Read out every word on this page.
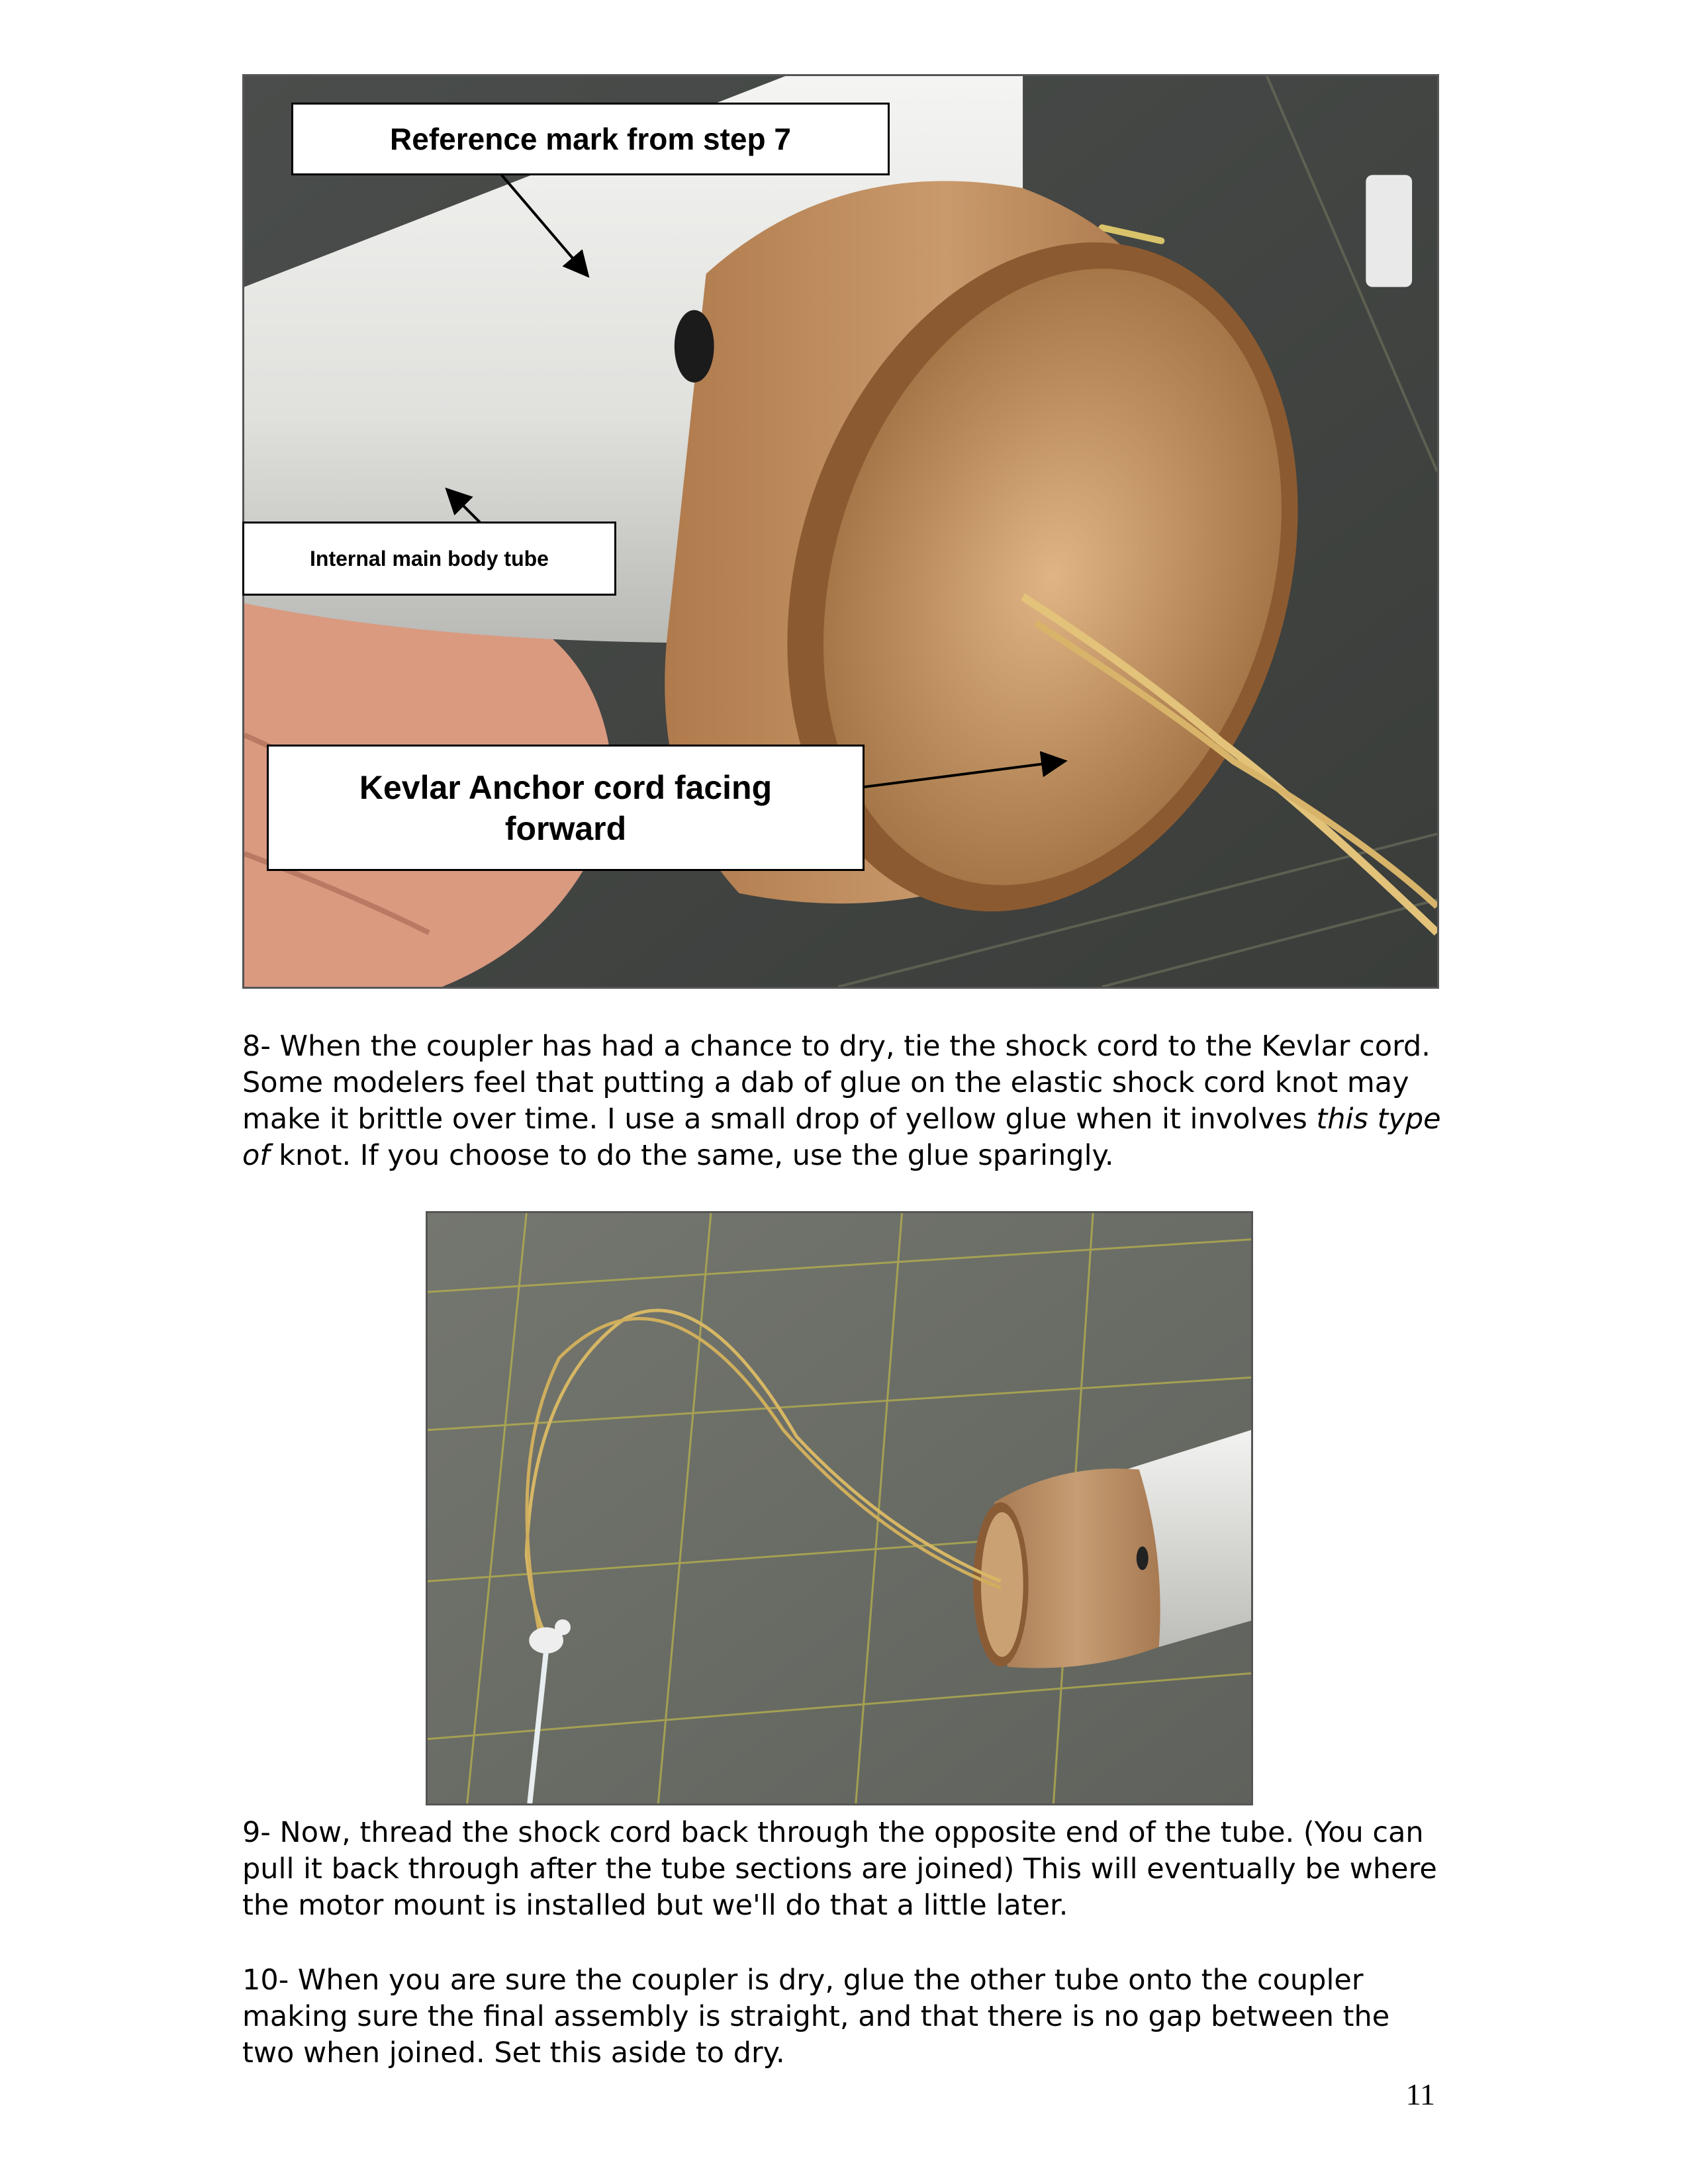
Reference mark from step 7
Internal main body tube
Kevlar Anchor cord facing
forward

8- When the coupler has had a chance to dry, tie the shock cord to the Kevlar cord. Some modelers feel that putting a dab of glue on the elastic shock cord knot may make it brittle over time. I use a small drop of yellow glue when it involves this type of knot. If you choose to do the same, use the glue sparingly.

9- Now, thread the shock cord back through the opposite end of the tube. (You can pull it back through after the tube sections are joined) This will eventually be where the motor mount is installed but we'll do that a little later.

10- When you are sure the coupler is dry, glue the other tube onto the coupler making sure the final assembly is straight, and that there is no gap between the two when joined. Set this aside to dry.

11
